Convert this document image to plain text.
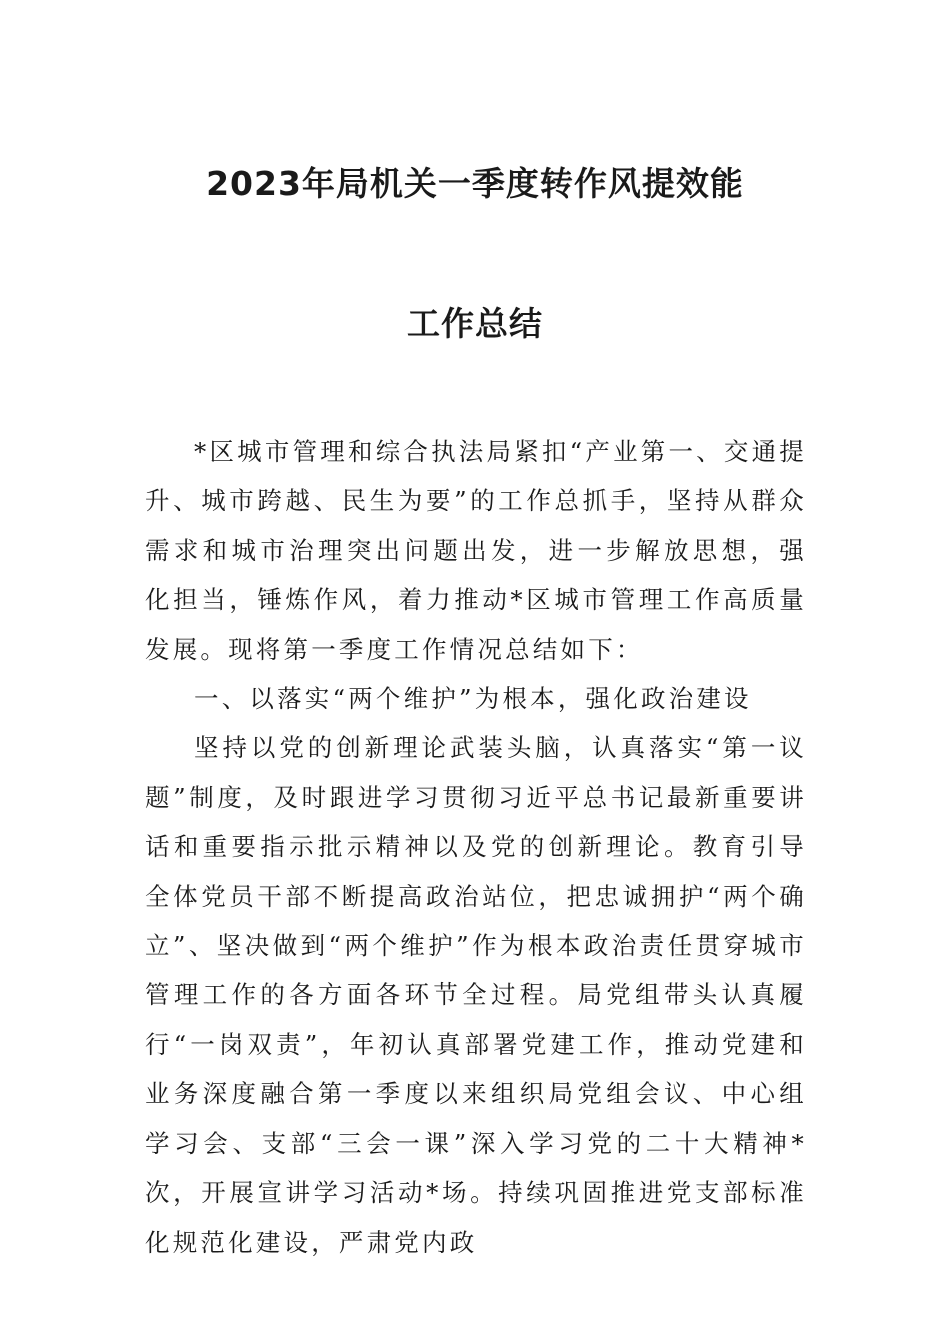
2023年局机关一季度转作风提效能
工作总结

*区城市管理和综合执法局紧扣“产业第一、交通提升、城市跨越、民生为要”的工作总抓手，坚持从群众需求和城市治理突出问题出发，进一步解放思想，强化担当，锤炼作风，着力推动*区城市管理工作高质量发展。现将第一季度工作情况总结如下：

一、以落实“两个维护”为根本，强化政治建设

坚持以党的创新理论武装头脑，认真落实“第一议题”制度，及时跟进学习贯彻习近平总书记最新重要讲话和重要指示批示精神以及党的创新理论。教育引导全体党员干部不断提高政治站位，把忠诚拥护“两个确立”、坚决做到“两个维护”作为根本政治责任贯穿城市管理工作的各方面各环节全过程。局党组带头认真履行“一岗双责”，年初认真部署党建工作，推动党建和业务深度融合第一季度以来组织局党组会议、中心组学习会、支部“三会一课”深入学习党的二十大精神*次，开展宣讲学习活动*场。持续巩固推进党支部标准化规范化建设，严肃党内政
